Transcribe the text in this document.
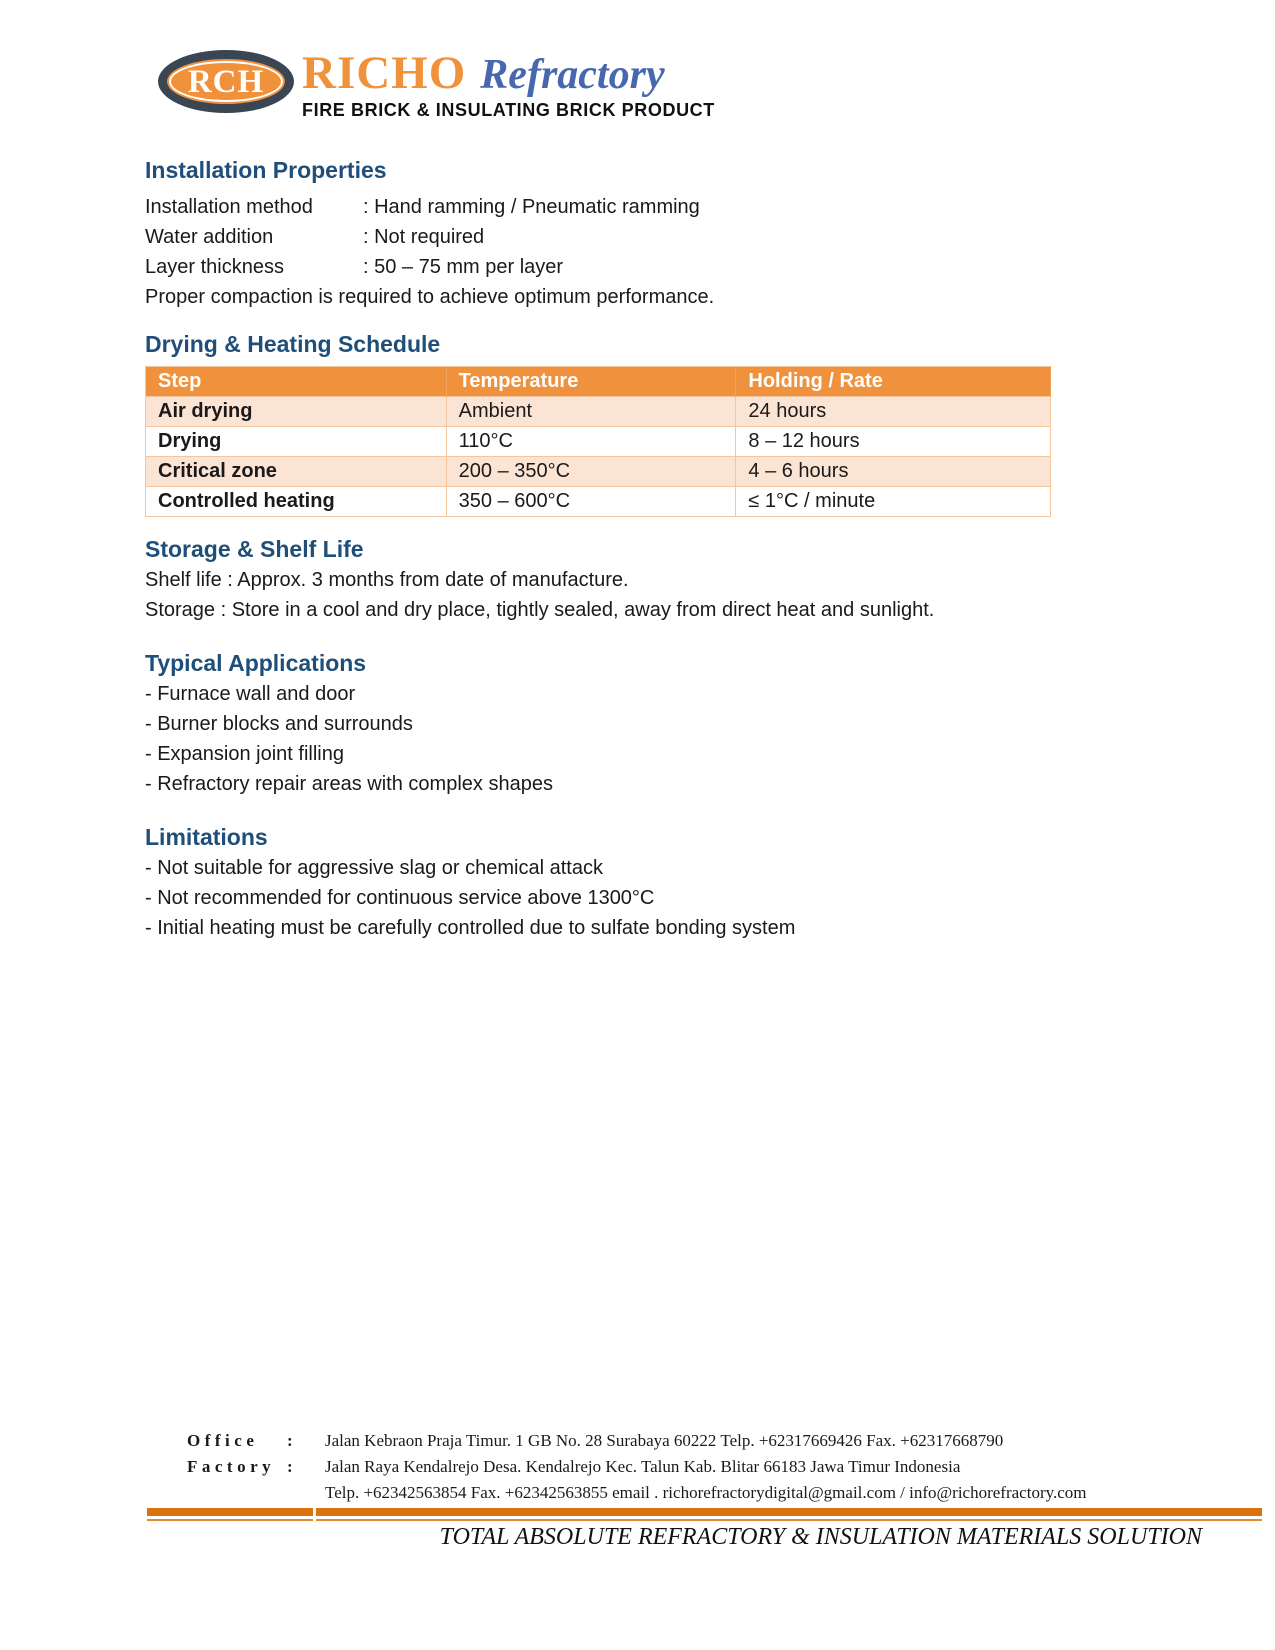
RCH RICHO Refractory
FIRE BRICK & INSULATING BRICK PRODUCT
Installation Properties
Installation method	: Hand ramming / Pneumatic ramming
Water addition	: Not required
Layer thickness	: 50 – 75 mm per layer
Proper compaction is required to achieve optimum performance.
Drying & Heating Schedule
Step	Temperature	Holding / Rate
Air drying	Ambient	24 hours
Drying	110°C	8 – 12 hours
Critical zone	200 – 350°C	4 – 6 hours
Controlled heating	350 – 600°C	≤ 1°C / minute
Storage & Shelf Life
Shelf life : Approx. 3 months from date of manufacture.
Storage : Store in a cool and dry place, tightly sealed, away from direct heat and sunlight.
Typical Applications
- Furnace wall and door
- Burner blocks and surrounds
- Expansion joint filling
- Refractory repair areas with complex shapes
Limitations
- Not suitable for aggressive slag or chemical attack
- Not recommended for continuous service above 1300°C
- Initial heating must be carefully controlled due to sulfate bonding system
Office	:	Jalan Kebraon Praja Timur. 1 GB No. 28 Surabaya 60222 Telp. +62317669426 Fax. +62317668790
Factory :	Jalan Raya Kendalrejo Desa. Kendalrejo Kec. Talun Kab. Blitar 66183 Jawa Timur Indonesia
Telp. +62342563854 Fax. +62342563855 email . richorefractorydigital@gmail.com / info@richorefractory.com
TOTAL ABSOLUTE REFRACTORY & INSULATION MATERIALS SOLUTION
